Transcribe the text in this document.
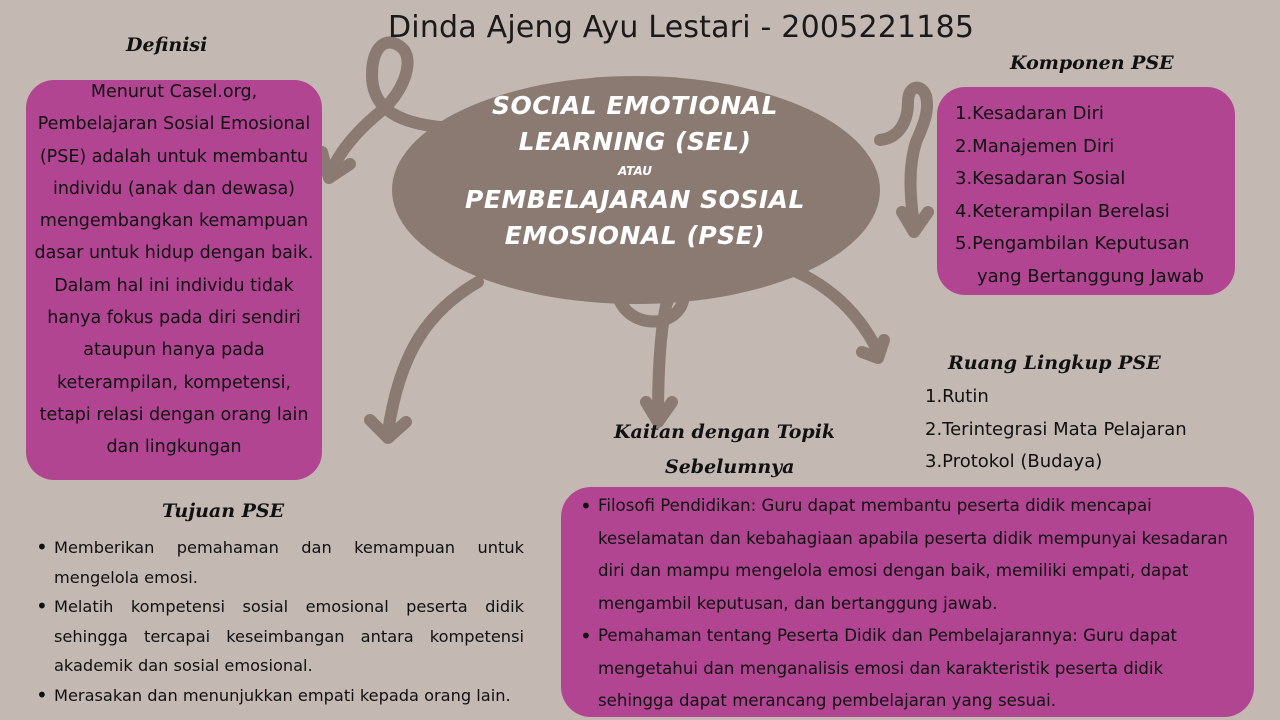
Dinda Ajeng Ayu Lestari - 2005221185
SOCIAL EMOTIONAL
LEARNING (SEL)
ATAU
PEMBELAJARAN SOSIAL
EMOSIONAL (PSE)
Definisi
Menurut Casel.org,
Pembelajaran Sosial Emosional
(PSE) adalah untuk membantu
individu (anak dan dewasa)
mengembangkan kemampuan
dasar untuk hidup dengan baik.
Dalam hal ini individu tidak
hanya fokus pada diri sendiri
ataupun hanya pada
keterampilan, kompetensi,
tetapi relasi dengan orang lain
dan lingkungan
Komponen PSE
1.Kesadaran Diri
2.Manajemen Diri
3.Kesadaran Sosial
4.Keterampilan Berelasi
5.Pengambilan Keputusan
yang Bertanggung Jawab
Ruang Lingkup PSE
1.Rutin
2.Terintegrasi Mata Pelajaran
3.Protokol (Budaya)
Kaitan dengan Topik
Sebelumnya
• Filosofi Pendidikan: Guru dapat membantu peserta didik mencapai keselamatan dan kebahagiaan apabila peserta didik mempunyai kesadaran diri dan mampu mengelola emosi dengan baik, memiliki empati, dapat mengambil keputusan, dan bertanggung jawab.
• Pemahaman tentang Peserta Didik dan Pembelajarannya: Guru dapat mengetahui dan menganalisis emosi dan karakteristik peserta didik sehingga dapat merancang pembelajaran yang sesuai.
Tujuan PSE
• Memberikan pemahaman dan kemampuan untuk mengelola emosi.
• Melatih kompetensi sosial emosional peserta didik sehingga tercapai keseimbangan antara kompetensi akademik dan sosial emosional.
• Merasakan dan menunjukkan empati kepada orang lain.
